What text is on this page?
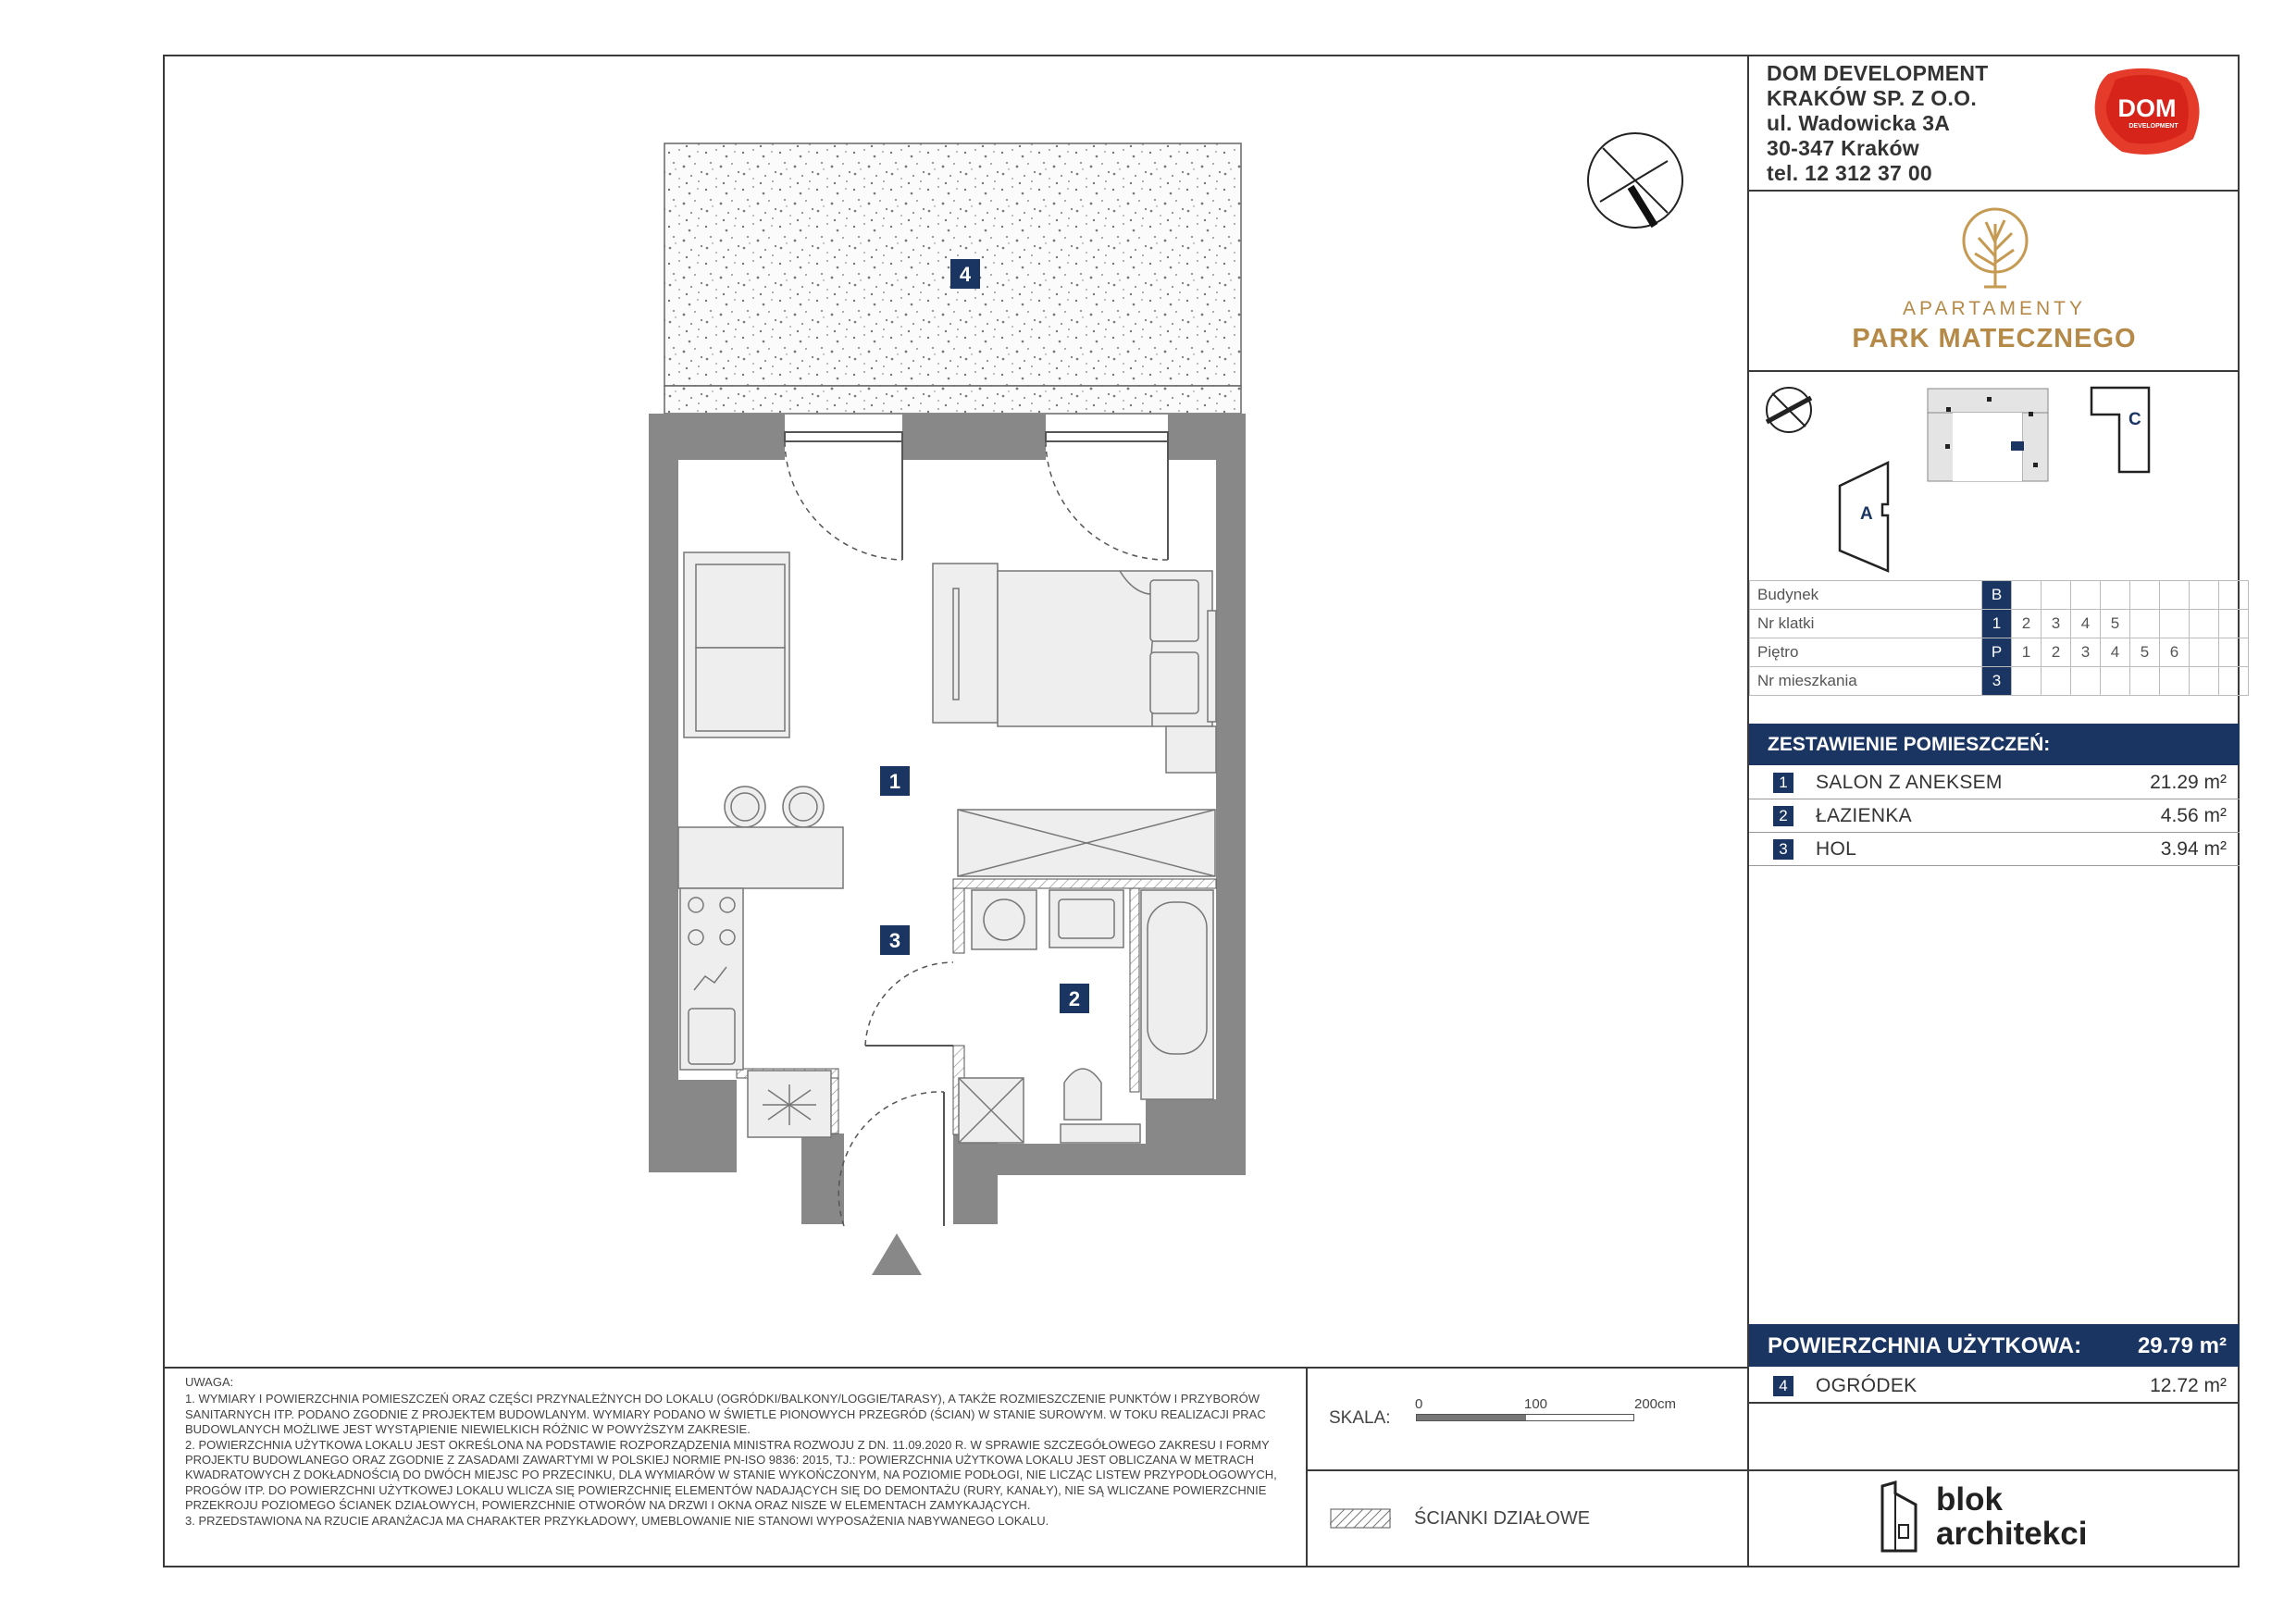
DOM DEVELOPMENT
KRAKÓW SP. Z O.O.
ul. Wadowicka 3A
30-347 Kraków
tel. 12 312 37 00
DOM
DEVELOPMENT
APARTAMENTY
PARK MATECZNEGO
A
C
Budynek	B								
Nr klatki	1	2	3	4	5				
Piętro	P	1	2	3	4	5	6		
Nr mieszkania	3								
ZESTAWIENIE POMIESZCZEŃ:
1 SALON Z ANEKSEM	21.29 m²
2 ŁAZIENKA	4.56 m²
3 HOL	3.94 m²
POWIERZCHNIA UŻYTKOWA:	29.79 m²
4 OGRÓDEK	12.72 m²

UWAGA:

1. WYMIARY I POWIERZCHNIA POMIESZCZEŃ ORAZ CZĘŚCI PRZYNALEŻNYCH DO LOKALU (OGRÓDKI/BALKONY/LOGGIE/TARASY), A TAKŻE ROZMIESZCZENIE PUNKTÓW I PRZYBORÓW SANITARNYCH ITP. PODANO ZGODNIE Z PROJEKTEM BUDOWLANYM. WYMIARY PODANO W ŚWIETLE PIONOWYCH PRZEGRÓD (ŚCIAN) W STANIE SUROWYM. W TOKU REALIZACJI PRAC BUDOWLANYCH MOŻLIWE JEST WYSTĄPIENIE NIEWIELKICH RÓŻNIC W POWYŻSZYM ZAKRESIE.

2. POWIERZCHNIA UŻYTKOWA LOKALU JEST OKREŚLONA NA PODSTAWIE ROZPORZĄDZENIA MINISTRA ROZWOJU Z DN. 11.09.2020 R. W SPRAWIE SZCZEGÓŁOWEGO ZAKRESU I FORMY PROJEKTU BUDOWLANEGO ORAZ ZGODNIE Z ZASADAMI ZAWARTYMI W POLSKIEJ NORMIE PN-ISO 9836: 2015, TJ.: POWIERZCHNIA UŻYTKOWA LOKALU JEST OBLICZANA W METRACH KWADRATOWYCH Z DOKŁADNOŚCIĄ DO DWÓCH MIEJSC PO PRZECINKU, DLA WYMIARÓW W STANIE WYKOŃCZONYM, NA POZIOMIE PODŁOGI, NIE LICZĄC LISTEW PRZYPODŁOGOWYCH, PROGÓW ITP. DO POWIERZCHNI UŻYTKOWEJ LOKALU WLICZA SIĘ POWIERZCHNIĘ ELEMENTÓW NADAJĄCYCH SIĘ DO DEMONTAŻU (RURY, KANAŁY), NIE SĄ WLICZANE POWIERZCHNIE PRZEKROJU POZIOMEGO ŚCIANEK DZIAŁOWYCH, POWIERZCHNIE OTWORÓW NA DRZWI I OKNA ORAZ NISZE W ELEMENTACH ZAMYKAJĄCYCH.

3. PRZEDSTAWIONA NA RZUCIE ARANŻACJA MA CHARAKTER PRZYKŁADOWY, UMEBLOWANIE NIE STANOWI WYPOSAŻENIA NABYWANEGO LOKALU.

SKALA:
0	100	200cm
ŚCIANKI DZIAŁOWE
blok
architekci
4
1
3
2
